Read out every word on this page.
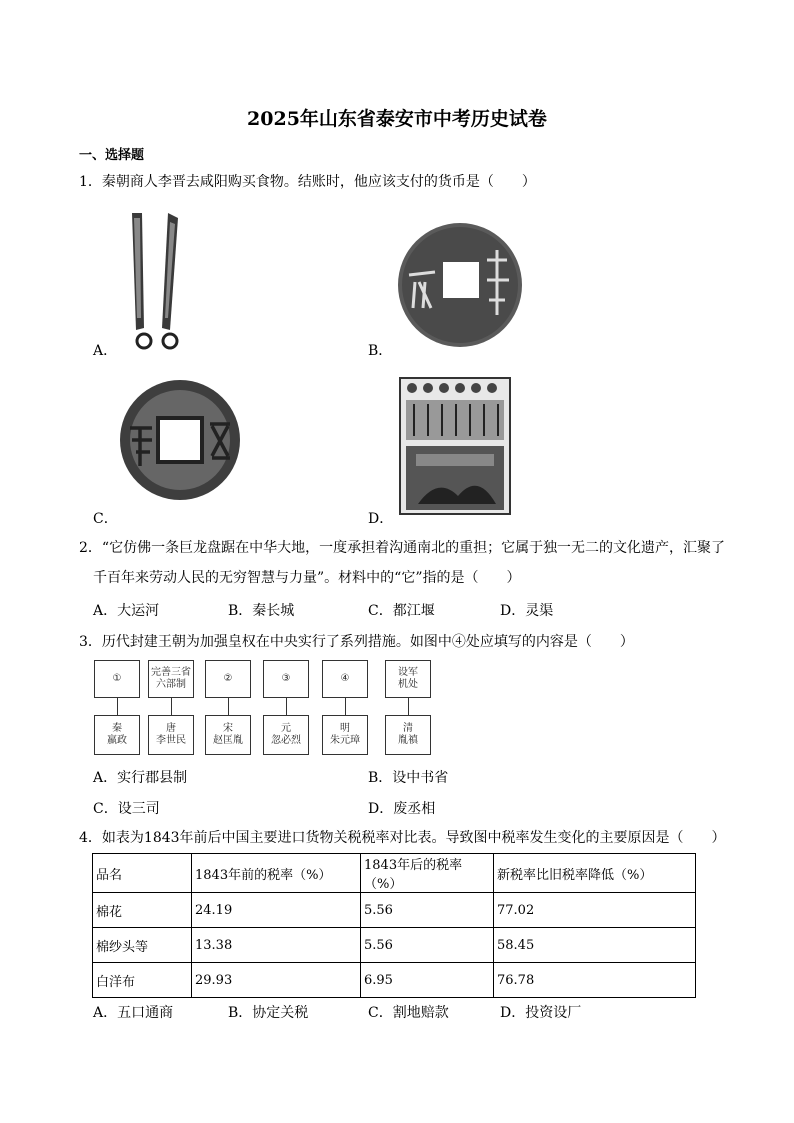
2025年山东省泰安市中考历史试卷
一、选择题
1．秦朝商人李晋去咸阳购买食物。结账时，他应该支付的货币是（　　）
A．	B．
C．	D．
2．“它仿佛一条巨龙盘踞在中华大地，一度承担着沟通南北的重担；它属于独一无二的文化遗产，汇聚了
千百年来劳动人民的无穷智慧与力量”。材料中的“它”指的是（　　）
A．大运河	B．秦长城	C．都江堰	D．灵渠
3．历代封建王朝为加强皇权在中央实行了系列措施。如图中④处应填写的内容是（　　）
①
完善三省
六部制
②	③	④
设军
机处
秦
嬴政
唐
李世民
宋
赵匡胤
元
忽必烈
明
朱元璋
清
胤禛
A．实行郡县制	B．设中书省
C．设三司	D．废丞相
4．如表为1843年前后中国主要进口货物关税税率对比表。导致图中税率发生变化的主要原因是（　　）
品名	1843年前的税率（%）	1843年后的税率（%）	新税率比旧税率降低（%）
棉花	24.19	5.56	77.02
棉纱头等	13.38	5.56	58.45
白洋布	29.93	6.95	76.78
A．五口通商	B．协定关税	C．割地赔款	D．投资设厂
